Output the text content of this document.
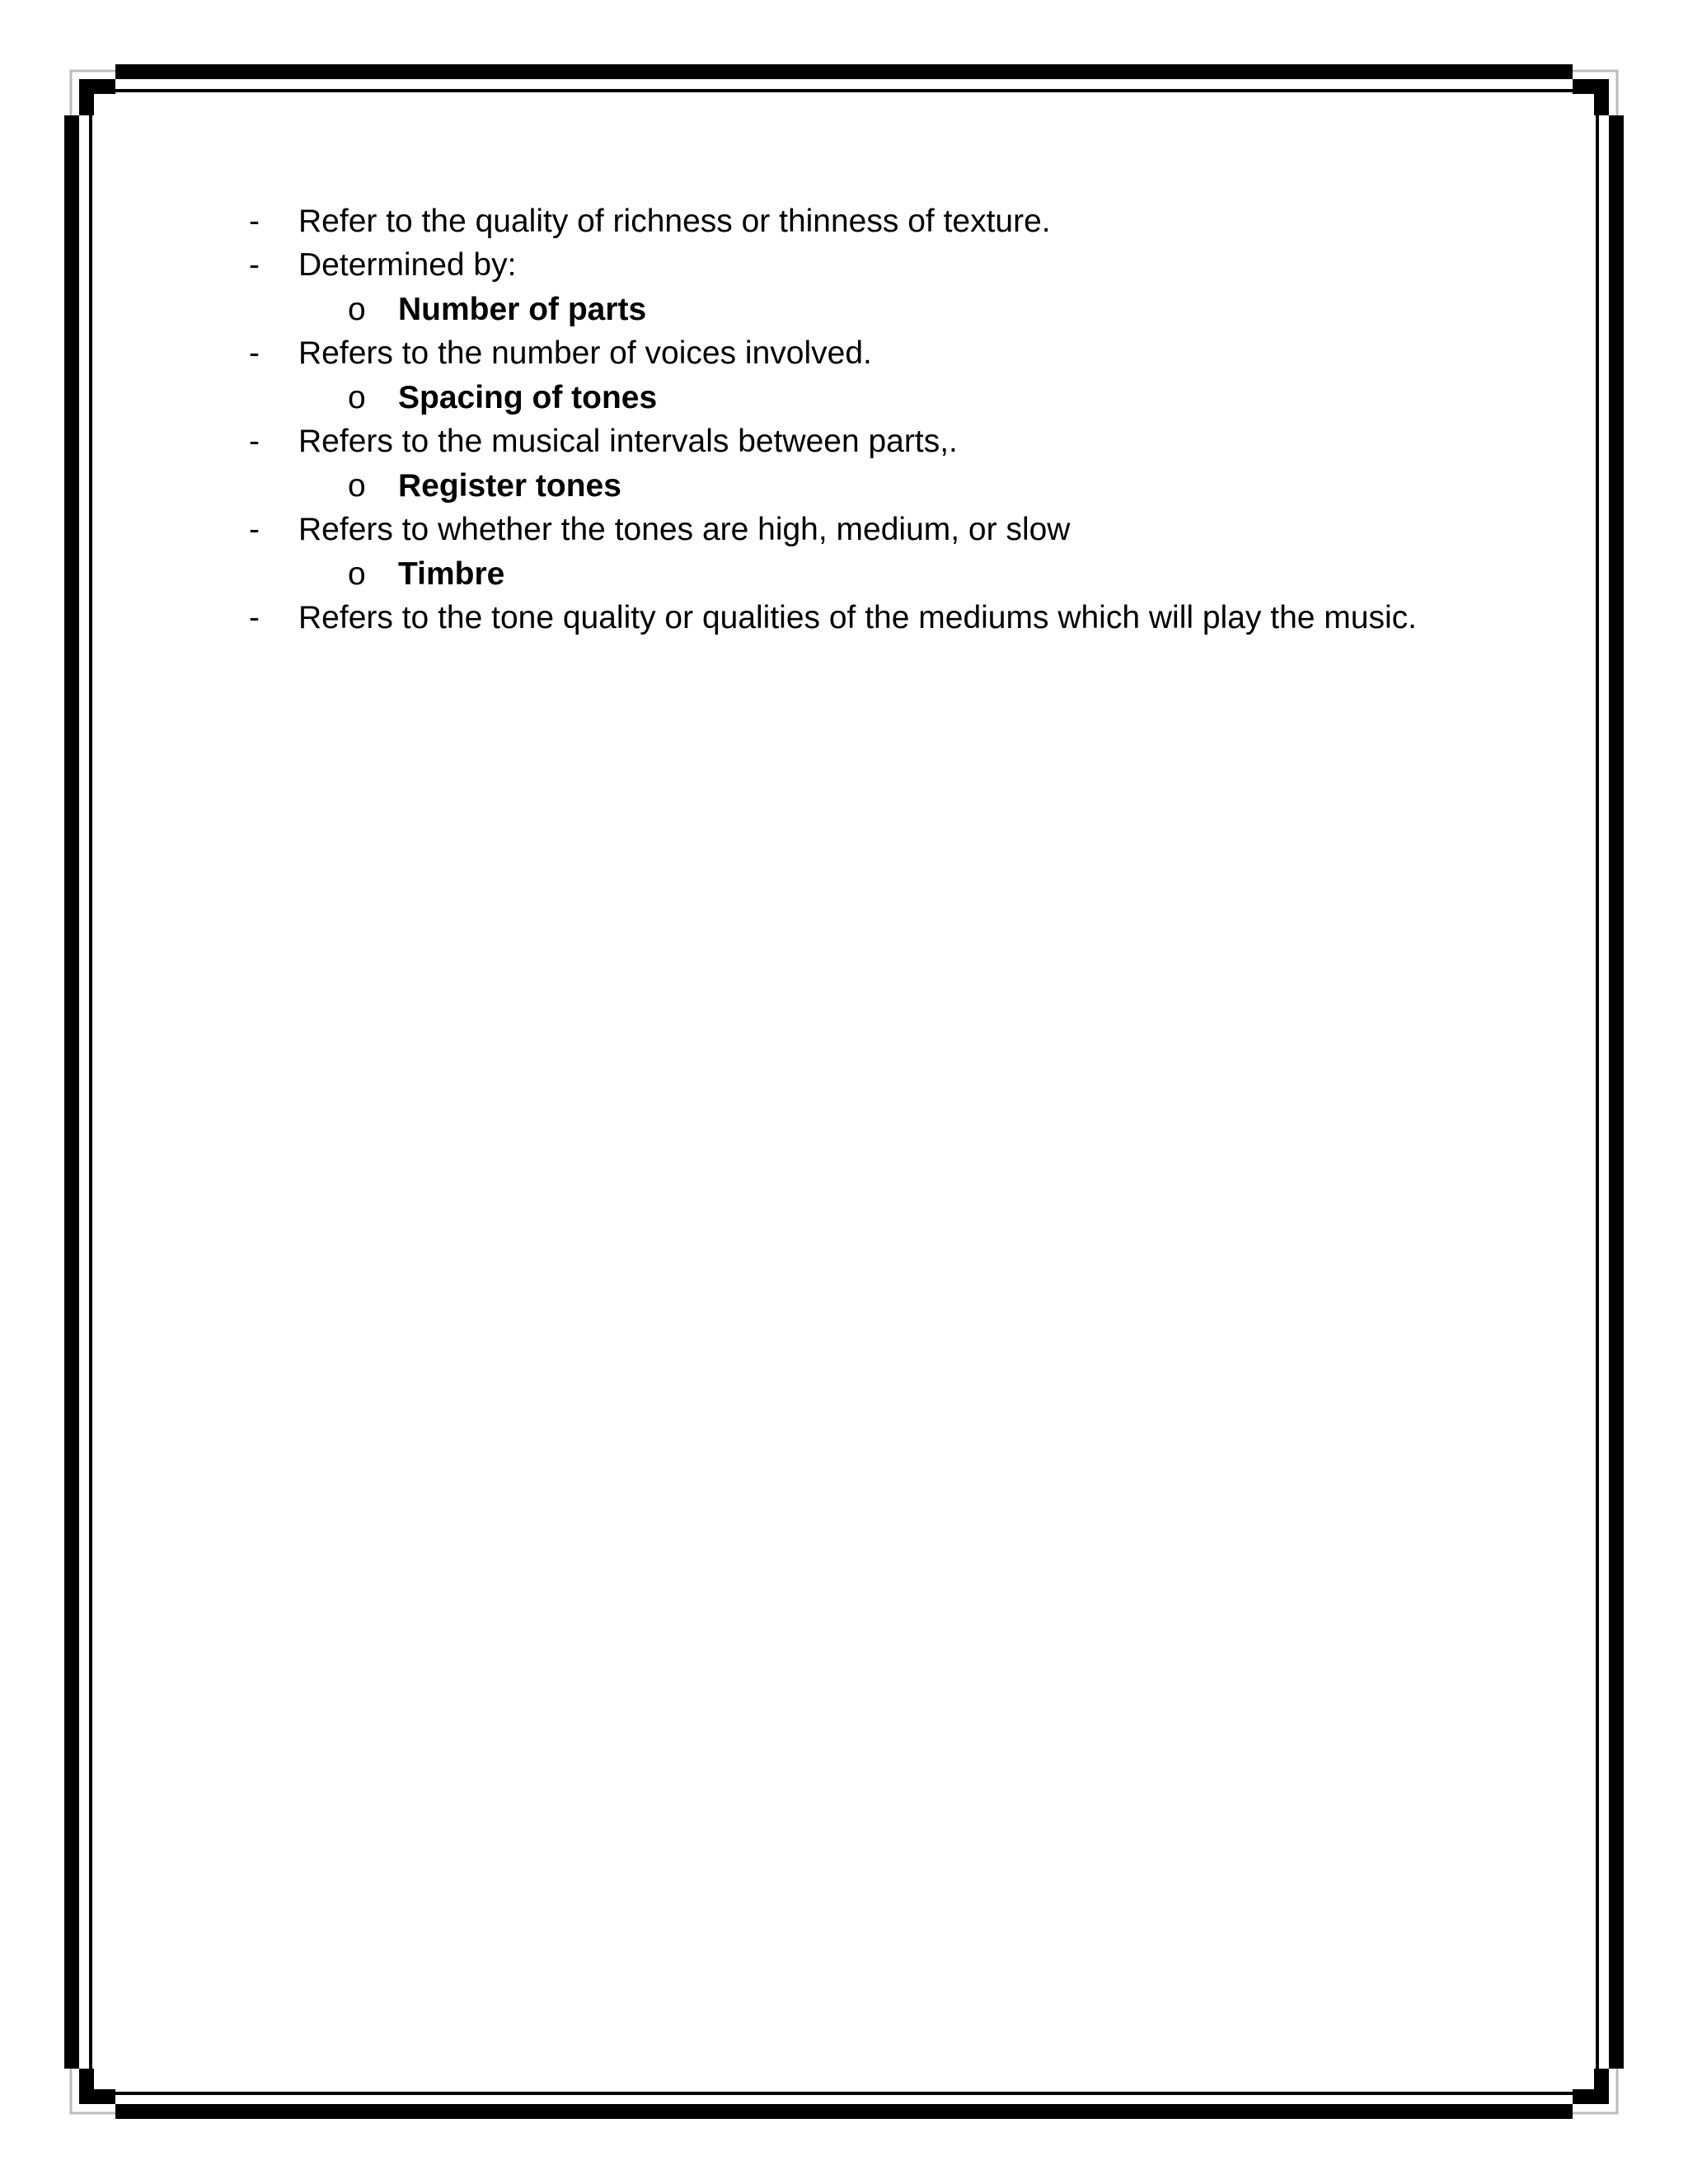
- Refer to the quality of richness or thinness of texture.
- Determined by:
o Number of parts
- Refers to the number of voices involved.
o Spacing of tones
- Refers to the musical intervals between parts,.
o Register tones
- Refers to whether the tones are high, medium, or slow
o Timbre
- Refers to the tone quality or qualities of the mediums which will play the music.
